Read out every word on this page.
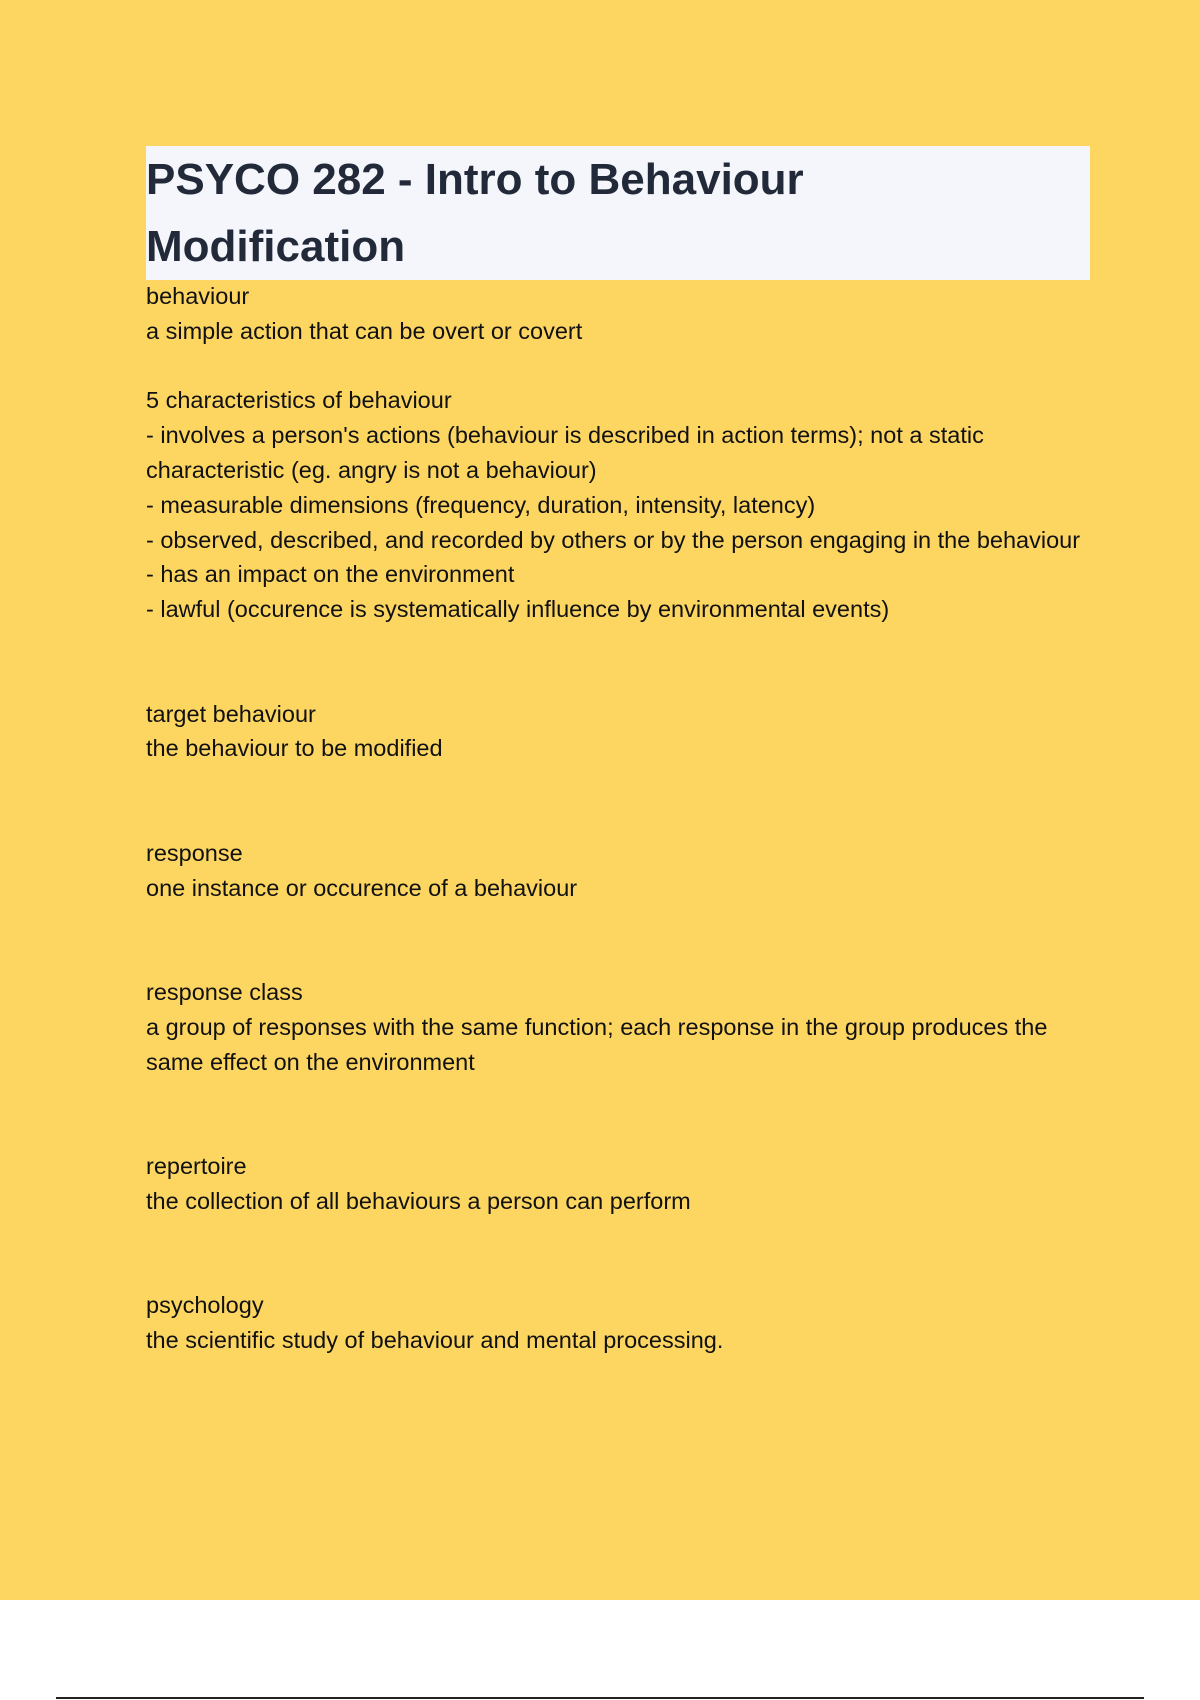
PSYCO 282 - Intro to Behaviour
Modification

behaviour
a simple action that can be overt or covert
5 characteristics of behaviour
- involves a person's actions (behaviour is described in action terms); not a static characteristic (eg. angry is not a behaviour)
- measurable dimensions (frequency, duration, intensity, latency)
- observed, described, and recorded by others or by the person engaging in the behaviour
- has an impact on the environment
- lawful (occurence is systematically influence by environmental events)
target behaviour
the behaviour to be modified
response
one instance or occurence of a behaviour
response class
a group of responses with the same function; each response in the group produces the same effect on the environment
repertoire
the collection of all behaviours a person can perform
psychology
the scientific study of behaviour and mental processing.
